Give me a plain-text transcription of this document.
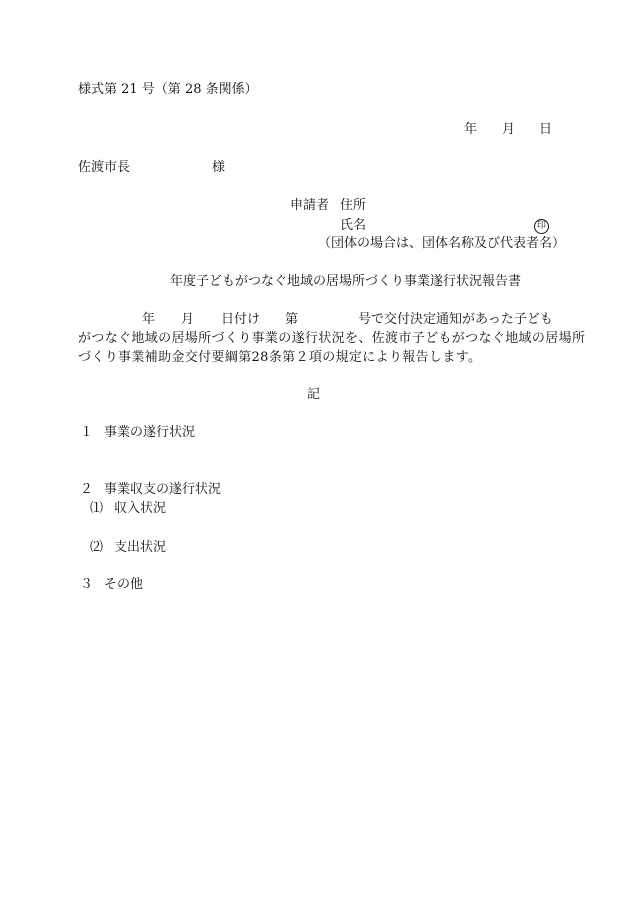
様式第 21 号（第 28 条関係）
年 月 日
佐渡市長	様
申請者 住所
氏名	印
（団体の場合は、団体名称及び代表者名）
年度子どもがつなぐ地域の居場所づくり事業遂行状況報告書
年 月 日付け 第	号で交付決定通知があった子ども
がつなぐ地域の居場所づくり事業の遂行状況を、佐渡市子どもがつなぐ地域の居場所
づくり事業補助金交付要綱第28条第２項の規定により報告します。
記
１ 事業の遂行状況
２ 事業収支の遂行状況
⑴ 収入状況
⑵ 支出状況
３ その他
